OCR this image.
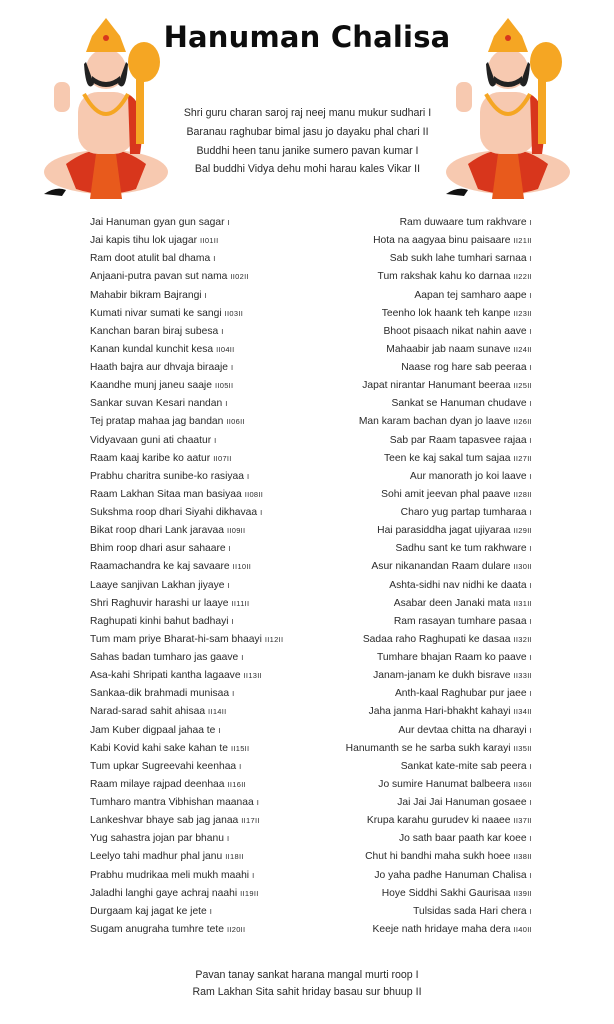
Hanuman Chalisa
Shri guru charan saroj raj neej manu mukur sudhari I
Baranau raghubar bimal jasu jo dayaku phal chari II
Buddhi heen tanu janike sumero pavan kumar I
Bal buddhi Vidya dehu mohi harau kales Vikar II
Jai Hanuman gyan gun sagar I
Jai kapis tihu lok ujagar II01II
Ram doot atulit bal dhama I
Anjaani-putra pavan sut nama II02II
Mahabir bikram Bajrangi I
Kumati nivar sumati ke sangi II03II
Kanchan baran biraj subesa I
Kanan kundal kunchit kesa II04II
Haath bajra aur dhvaja biraaje I
Kaandhe munj janeu saaje II05II
Sankar suvan Kesari nandan I
Tej pratap mahaa jag bandan II06II
Vidyavaan guni ati chaatur I
Raam kaaj karibe ko aatur II07II
Prabhu charitra sunibe-ko rasiyaa I
Raam Lakhan Sitaa man basiyaa II08II
Sukshma roop dhari Siyahi dikhavaa I
Bikat roop dhari Lank jaravaa II09II
Bhim roop dhari asur sahaare I
Raamachandra ke kaj savaare II10II
Laaye sanjivan Lakhan jiyaye I
Shri Raghuvir harashi ur laaye II11II
Raghupati kinhi bahut badhayi I
Tum mam priye Bharat-hi-sam bhaayi II12II
Sahas badan tumharo jas gaave I
Asa-kahi Shripati kantha lagaave II13II
Sankaa-dik brahmadi munisaa I
Narad-sarad sahit ahisaa II14II
Jam Kuber digpaal jahaa te I
Kabi Kovid kahi sake kahan te II15II
Tum upkar Sugreevahi keenhaa I
Raam milaye rajpad deenhaa II16II
Tumharo mantra Vibhishan maanaa I
Lankeshvar bhaye sab jag janaa II17II
Yug sahastra jojan par bhanu I
Leelyo tahi madhur phal janu II18II
Prabhu mudrikaa meli mukh maahi I
Jaladhi langhi gaye achraj naahi II19II
Durgaam kaj jagat ke jete I
Sugam anugraha tumhre tete II20II
Ram duwaare tum rakhvare I
Hota na aagyaa binu paisaare II21II
Sab sukh lahe tumhari sarnaa I
Tum rakshak kahu ko darnaa II22II
Aapan tej samharo aape I
Teenho lok haank teh kanpe II23II
Bhoot pisaach nikat nahin aave I
Mahaabir jab naam sunave II24II
Naase rog hare sab peeraa I
Japat nirantar Hanumant beeraa II25II
Sankat se Hanuman chudave I
Man karam bachan dyan jo laave II26II
Sab par Raam tapasvee rajaa I
Teen ke kaj sakal tum sajaa II27II
Aur manorath jo koi laave I
Sohi amit jeevan phal paave II28II
Charo yug partap tumharaa I
Hai parasiddha jagat ujiyaraa II29II
Sadhu sant ke tum rakhware I
Asur nikanandan Raam dulare II30II
Ashta-sidhi nav nidhi ke daata I
Asabar deen Janaki mata II31II
Ram rasayan tumhare pasaa I
Sadaa raho Raghupati ke dasaa II32II
Tumhare bhajan Raam ko paave I
Janam-janam ke dukh bisrave II33II
Anth-kaal Raghubar pur jaee I
Jaha janma Hari-bhakht kahayi II34II
Aur devtaa chitta na dharayi I
Hanumanth se he sarba sukh karayi II35II
Sankat kate-mite sab peera I
Jo sumire Hanumat balbeera II36II
Jai Jai Jai Hanuman gosaee I
Krupa karahu gurudev ki naaee II37II
Jo sath baar paath kar koee I
Chut hi bandhi maha sukh hoee II38II
Jo yaha padhe Hanuman Chalisa I
Hoye Siddhi Sakhi Gaurisaa II39II
Tulsidas sada Hari chera I
Keeje nath hridaye maha dera II40II
Pavan tanay sankat harana mangal murti roop I
Ram Lakhan Sita sahit hriday basau sur bhuup II
